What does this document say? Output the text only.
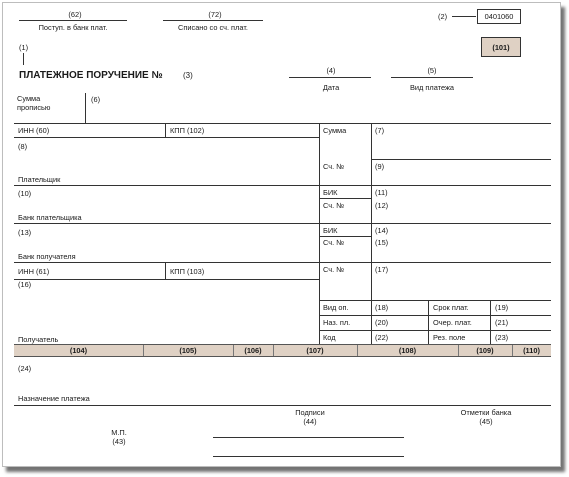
(62)
Поступ. в банк плат.
(72)
Списано со сч. плат.
(2)	0401060
(101)
(1)
ПЛАТЕЖНОЕ ПОРУЧЕНИЕ №	(3)
(4)
Дата
(5)
Вид платежа
Сумма
прописью
(6)
ИНН (60)	КПП (102)
(8)
Плательщик
(10)
Банк плательщика
(13)
Банк получателя
ИНН (61)	КПП (103)
(16)
Получатель
Сумма	(7)
Сч. №	(9)
БИК	(11)
Сч. №	(12)
БИК	(14)
Сч. №	(15)
Сч. №	(17)
Вид оп.	(18)	Срок плат.	(19)
Наз. пл.	(20)	Очер. плат.	(21)
Код	(22)	Рез. поле	(23)
(104)	(105)	(106)	(107)	(108)	(109)	(110)
(24)
Назначение платежа
Подписи
(44)
Отметки банка
(45)
М.П.
(43)
